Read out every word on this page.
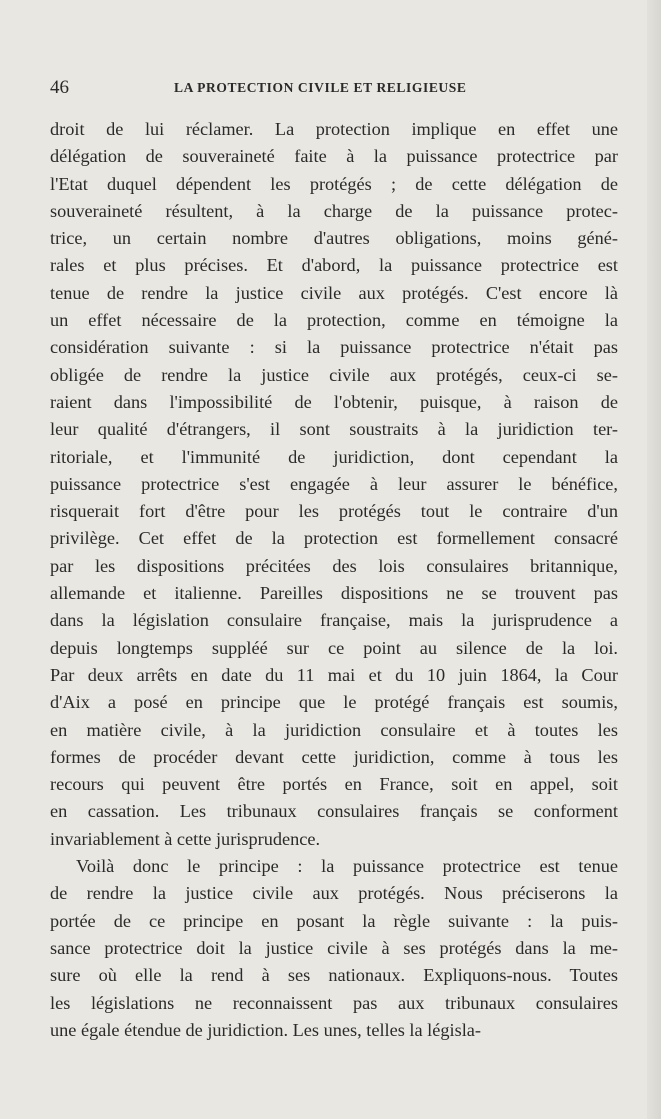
46	LA PROTECTION CIVILE ET RELIGIEUSE
droit de lui réclamer. La protection implique en effet une
délégation de souveraineté faite à la puissance protectrice par
l'Etat duquel dépendent les protégés ; de cette délégation de
souveraineté résultent, à la charge de la puissance protec-
trice, un certain nombre d'autres obligations, moins géné-
rales et plus précises. Et d'abord, la puissance protectrice est
tenue de rendre la justice civile aux protégés. C'est encore là
un effet nécessaire de la protection, comme en témoigne la
considération suivante : si la puissance protectrice n'était pas
obligée de rendre la justice civile aux protégés, ceux-ci se-
raient dans l'impossibilité de l'obtenir, puisque, à raison de
leur qualité d'étrangers, il sont soustraits à la juridiction ter-
ritoriale, et l'immunité de juridiction, dont cependant la
puissance protectrice s'est engagée à leur assurer le bénéfice,
risquerait fort d'être pour les protégés tout le contraire d'un
privilège. Cet effet de la protection est formellement consacré
par les dispositions précitées des lois consulaires britannique,
allemande et italienne. Pareilles dispositions ne se trouvent pas
dans la législation consulaire française, mais la jurisprudence a
depuis longtemps suppléé sur ce point au silence de la loi.
Par deux arrêts en date du 11 mai et du 10 juin 1864, la Cour
d'Aix a posé en principe que le protégé français est soumis,
en matière civile, à la juridiction consulaire et à toutes les
formes de procéder devant cette juridiction, comme à tous les
recours qui peuvent être portés en France, soit en appel, soit
en cassation. Les tribunaux consulaires français se conforment
invariablement à cette jurisprudence.
Voilà donc le principe : la puissance protectrice est tenue
de rendre la justice civile aux protégés. Nous préciserons la
portée de ce principe en posant la règle suivante : la puis-
sance protectrice doit la justice civile à ses protégés dans la me-
sure où elle la rend à ses nationaux. Expliquons-nous. Toutes
les législations ne reconnaissent pas aux tribunaux consulaires
une égale étendue de juridiction. Les unes, telles la législa-
